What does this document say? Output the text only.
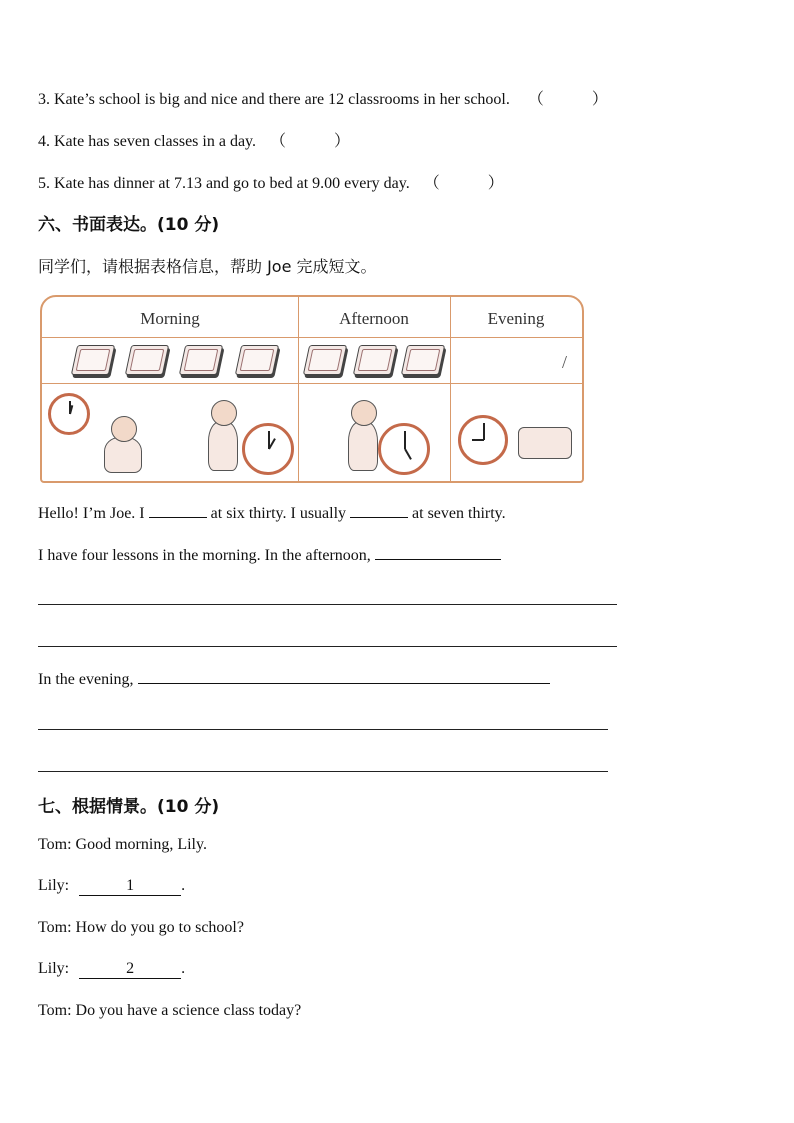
3. Kate’s school is big and nice and there are 12 classrooms in her school. （　　　）
4. Kate has seven classes in a day. （　　　）
5. Kate has dinner at 7.13 and go to bed at 9.00 every day. （　　　）
六、书面表达。(10 分)
同学们，请根据表格信息，帮助 Joe 完成短文。
Morning	Afternoon	Evening
/
Hello! I’m Joe. I	at six thirty. I usually	at seven thirty.
I have four lessons in the morning. In the afternoon,
In the evening,
七、根据情景。(10 分)
Tom: Good morning, Lily.
Lily:	1	.
Tom: How do you go to school?
Lily:	2	.
Tom: Do you have a science class today?
